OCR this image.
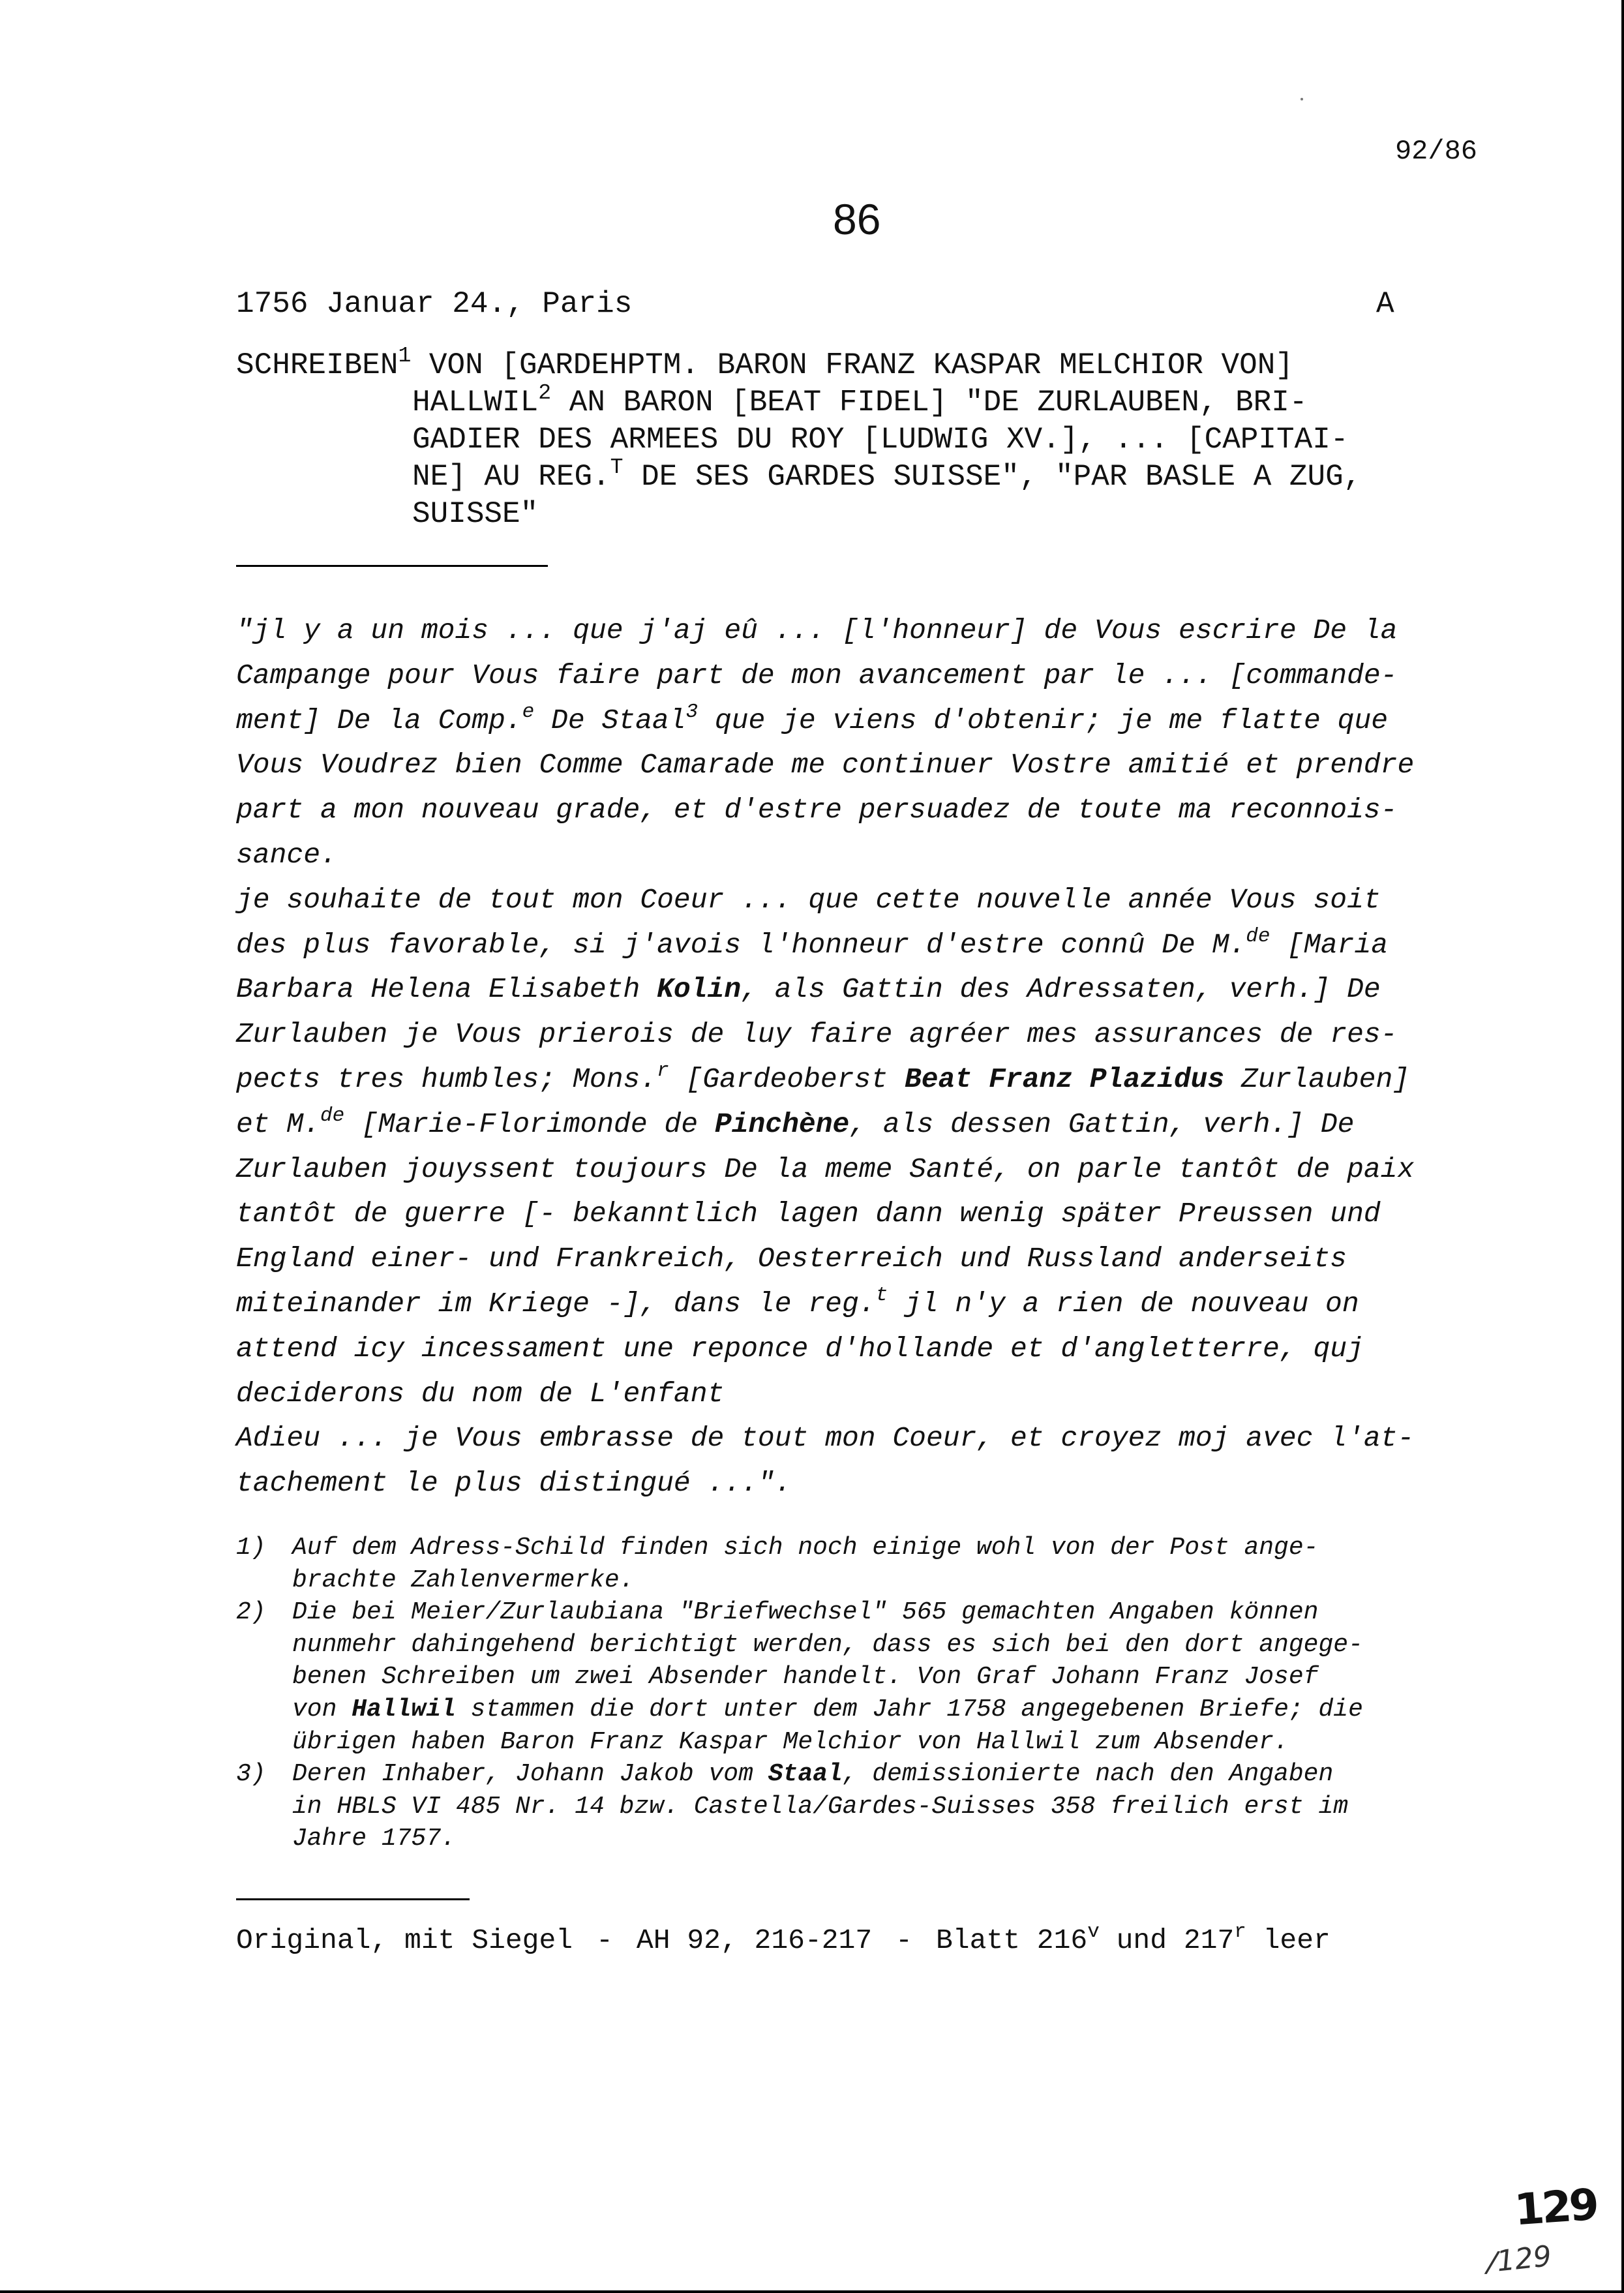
92/86
86
1756 Januar 24., Paris	A
SCHREIBEN$^1$ VON [GARDEHPTM. BARON FRANZ KASPAR MELCHIOR VON]
HALLWIL$^2$ AN BARON [BEAT FIDEL] "DE ZURLAUBEN, BRI-
GADIER DES ARMEES DU ROY [LUDWIG XV.], ... [CAPITAI-
NE] AU REG.$^T$ DE SES GARDES SUISSE", "PAR BASLE A ZUG,
SUISSE"
"jl y a un mois ... que j'aj eû ... [l'honneur] de Vous escrire De la
Campange pour Vous faire part de mon avancement par le ... [commande-
ment] De la Comp.$^e$ De Staal$^3$ que je viens d'obtenir; je me flatte que
Vous Voudrez bien Comme Camarade me continuer Vostre amitié et prendre
part a mon nouveau grade, et d'estre persuadez de toute ma reconnois-
sance.
je souhaite de tout mon Coeur ... que cette nouvelle année Vous soit
des plus favorable, si j'avois l'honneur d'estre connû De M.$^{de}$ [Maria
Barbara Helena Elisabeth Kolin, als Gattin des Adressaten, verh.] De
Zurlauben je Vous prierois de luy faire agréer mes assurances de res-
pects tres humbles; Mons.$^r$ [Gardeoberst Beat Franz Plazidus Zurlauben]
et M.$^{de}$ [Marie-Florimonde de Pinchène, als dessen Gattin, verh.] De
Zurlauben jouyssent toujours De la meme Santé, on parle tantôt de paix
tantôt de guerre [- bekanntlich lagen dann wenig später Preussen und
England einer- und Frankreich, Oesterreich und Russland anderseits
miteinander im Kriege -], dans le reg.$^t$ jl n'y a rien de nouveau on
attend icy incessament une reponce d'hollande et d'angletterre, quj
deciderons du nom de L'enfant
Adieu ... je Vous embrasse de tout mon Coeur, et croyez moj avec l'at-
tachement le plus distingué ...".
1) Auf dem Adress-Schild finden sich noch einige wohl von der Post ange-
brachte Zahlenvermerke.
2) Die bei Meier/Zurlaubiana "Briefwechsel" 565 gemachten Angaben können
nunmehr dahingehend berichtigt werden, dass es sich bei den dort angege-
benen Schreiben um zwei Absender handelt. Von Graf Johann Franz Josef
von Hallwil stammen die dort unter dem Jahr 1758 angegebenen Briefe; die
übrigen haben Baron Franz Kaspar Melchior von Hallwil zum Absender.
3) Deren Inhaber, Johann Jakob vom Staal, demissionierte nach den Angaben
in HBLS VI 485 Nr. 14 bzw. Castella/Gardes-Suisses 358 freilich erst im
Jahre 1757.
Original, mit Siegel - AH 92, 216-217 - Blatt 216$^v$ und 217$^r$ leer
129
/129
